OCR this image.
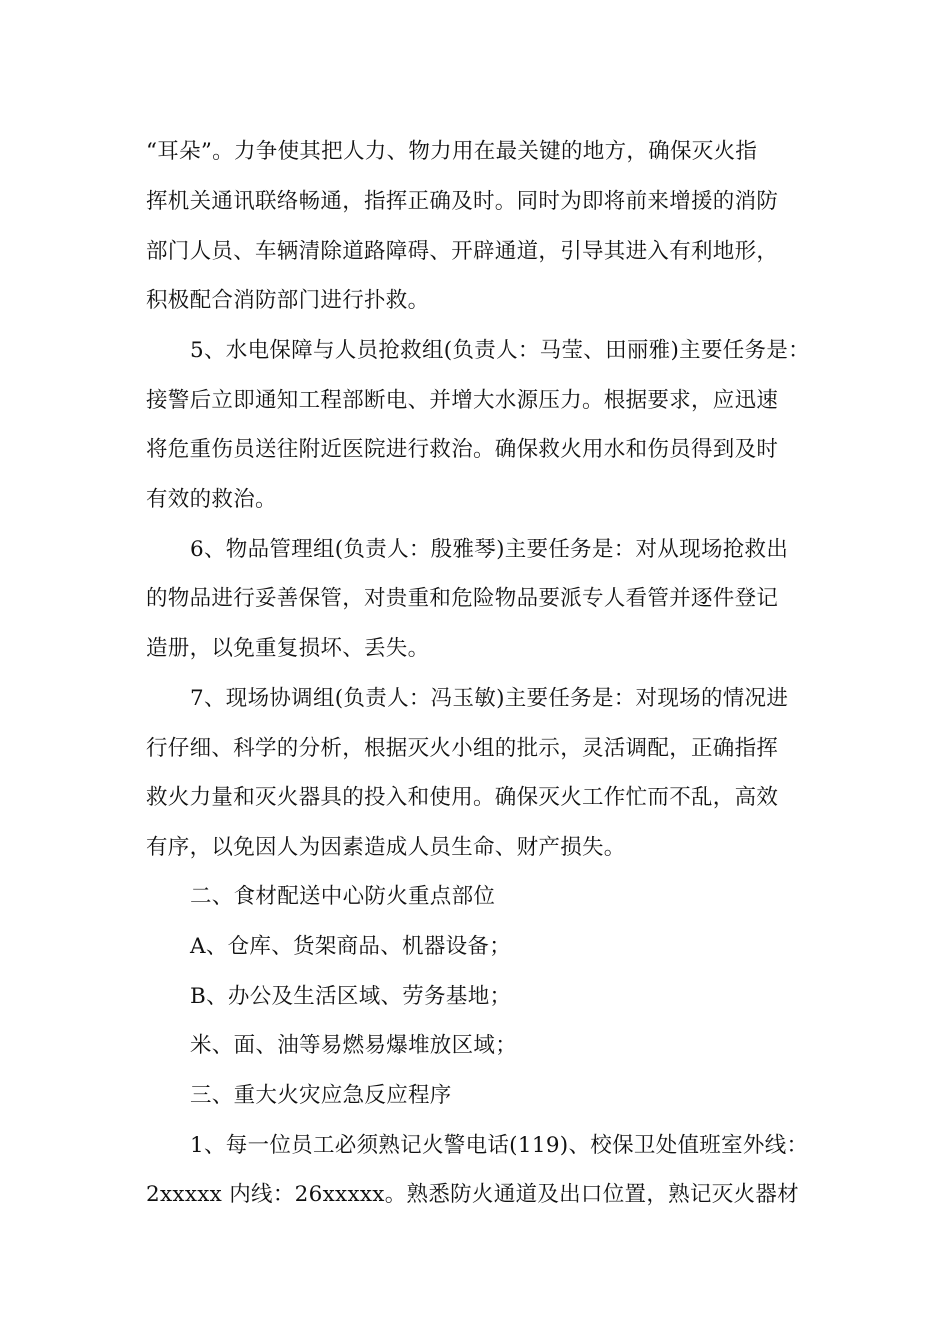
“耳朵”。力争使其把人力、物力用在最关键的地方，确保灭火指
挥机关通讯联络畅通，指挥正确及时。同时为即将前来增援的消防
部门人员、车辆清除道路障碍、开辟通道，引导其进入有利地形，
积极配合消防部门进行扑救。
5、水电保障与人员抢救组(负责人：马莹、田丽雅)主要任务是：
接警后立即通知工程部断电、并增大水源压力。根据要求，应迅速
将危重伤员送往附近医院进行救治。确保救火用水和伤员得到及时
有效的救治。
6、物品管理组(负责人：殷雅琴)主要任务是：对从现场抢救出
的物品进行妥善保管，对贵重和危险物品要派专人看管并逐件登记
造册，以免重复损坏、丢失。
7、现场协调组(负责人：冯玉敏)主要任务是：对现场的情况进
行仔细、科学的分析，根据灭火小组的批示，灵活调配，正确指挥
救火力量和灭火器具的投入和使用。确保灭火工作忙而不乱，高效
有序，以免因人为因素造成人员生命、财产损失。
二、食材配送中心防火重点部位
A、仓库、货架商品、机器设备；
B、办公及生活区域、劳务基地；
米、面、油等易燃易爆堆放区域；
三、重大火灾应急反应程序
1、每一位员工必须熟记火警电话(119)、校保卫处值班室外线：
2xxxxx 内线：26xxxxx。熟悉防火通道及出口位置，熟记灭火器材
